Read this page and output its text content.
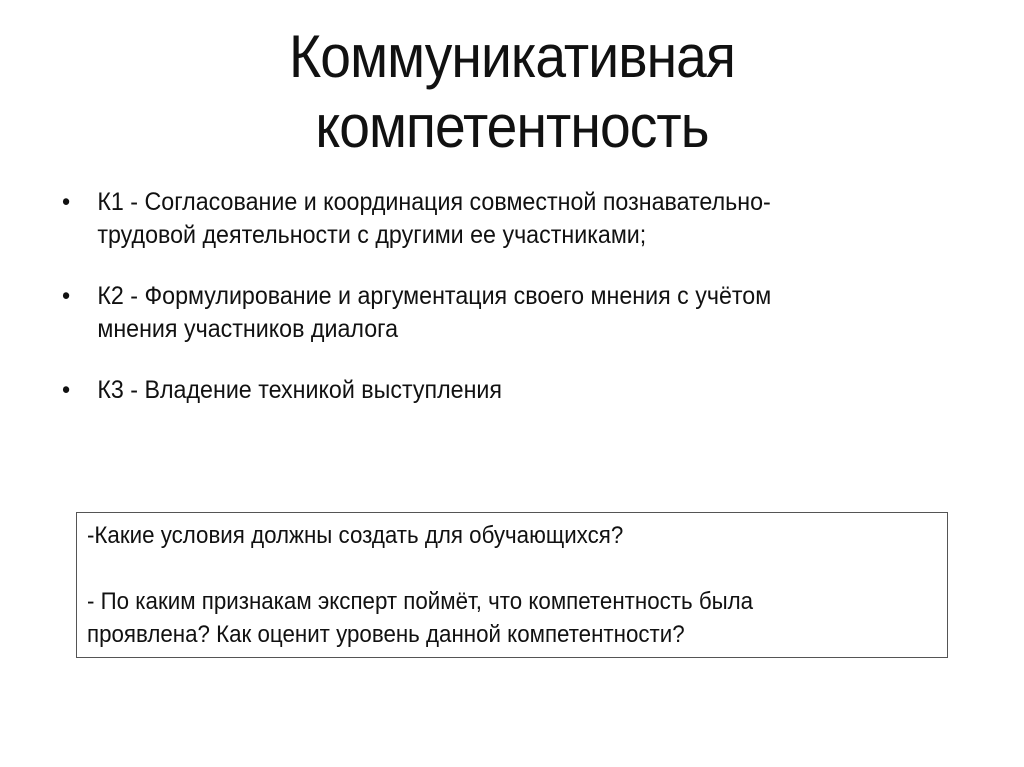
Коммуникативная
компетентность
• К1 - Согласование и координация совместной познавательно-
трудовой деятельности с другими ее участниками;
• К2 - Формулирование и аргументация своего мнения с учётом
мнения участников диалога
• К3 - Владение техникой выступления

-Какие условия должны создать для обучающихся?

- По каким признакам эксперт поймёт, что компетентность была

проявлена? Как оценит уровень данной компетентности?
